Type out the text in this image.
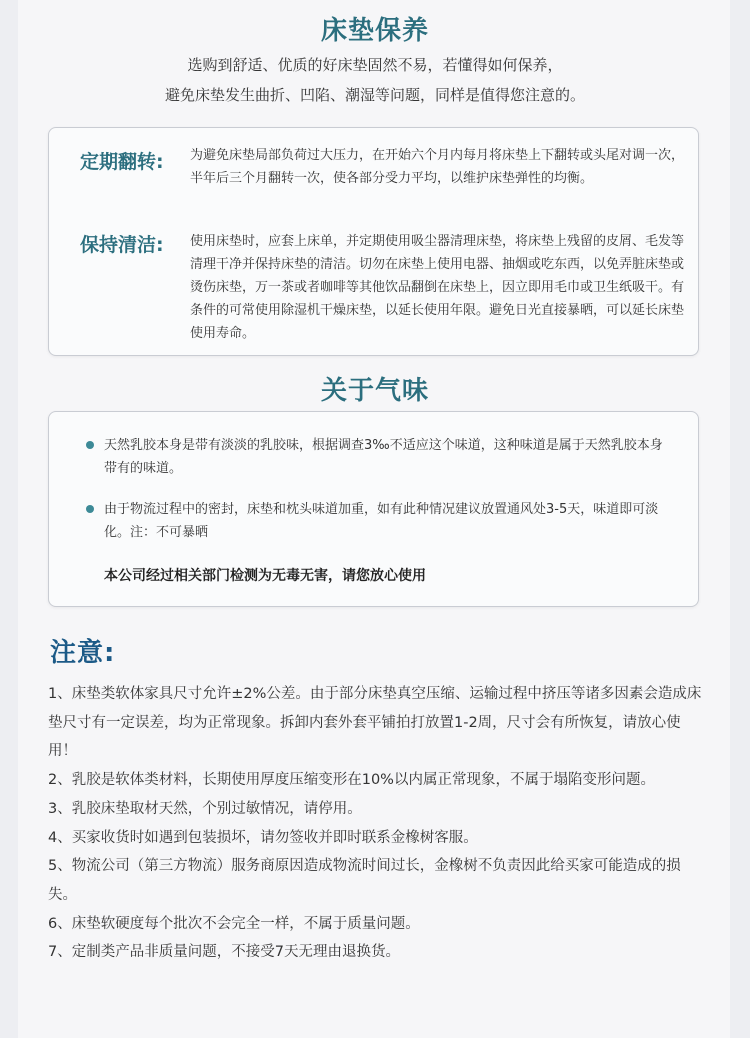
床垫保养
选购到舒适、优质的好床垫固然不易，若懂得如何保养，
避免床垫发生曲折、凹陷、潮湿等问题，同样是值得您注意的。
定期翻转:	为避免床垫局部负荷过大压力，在开始六个月内每月将床垫上下翻转或头尾对调一次，半年后三个月翻转一次，使各部分受力平均，以维护床垫弹性的均衡。
保持清洁:	使用床垫时，应套上床单，并定期使用吸尘器清理床垫，将床垫上残留的皮屑、毛发等清理干净并保持床垫的清洁。切勿在床垫上使用电器、抽烟或吃东西，以免弄脏床垫或烫伤床垫，万一茶或者咖啡等其他饮品翻倒在床垫上，因立即用毛巾或卫生纸吸干。有条件的可常使用除湿机干燥床垫，以延长使用年限。避免日光直接暴晒，可以延长床垫使用寿命。
关于气味
天然乳胶本身是带有淡淡的乳胶味，根据调查3‰不适应这个味道，这种味道是属于天然乳胶本身带有的味道。
由于物流过程中的密封，床垫和枕头味道加重，如有此种情况建议放置通风处3-5天，味道即可淡化。注：不可暴晒
本公司经过相关部门检测为无毒无害，请您放心使用
注意:
1、床垫类软体家具尺寸允许±2%公差。由于部分床垫真空压缩、运输过程中挤压等诸多因素会造成床垫尺寸有一定误差，均为正常现象。拆卸内套外套平铺拍打放置1-2周，尺寸会有所恢复，请放心使用！
2、乳胶是软体类材料，长期使用厚度压缩变形在10%以内属正常现象，不属于塌陷变形问题。
3、乳胶床垫取材天然，个别过敏情况，请停用。
4、买家收货时如遇到包装损坏，请勿签收并即时联系金橡树客服。
5、物流公司（第三方物流）服务商原因造成物流时间过长，金橡树不负责因此给买家可能造成的损失。
6、床垫软硬度每个批次不会完全一样，不属于质量问题。
7、定制类产品非质量问题，不接受7天无理由退换货。
